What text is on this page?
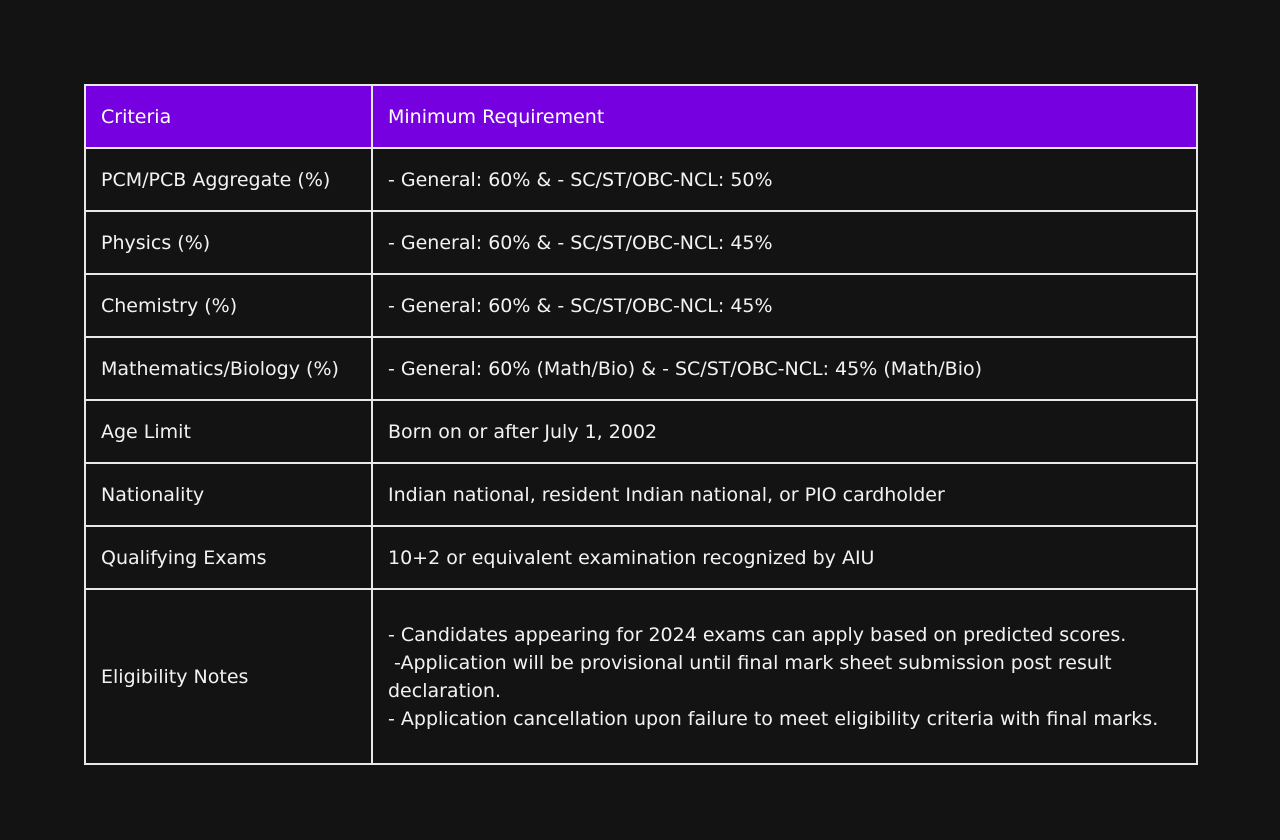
Criteria	Minimum Requirement
PCM/PCB Aggregate (%)	- General: 60% & - SC/ST/OBC-NCL: 50%
Physics (%)	- General: 60% & - SC/ST/OBC-NCL: 45%
Chemistry (%)	- General: 60% & - SC/ST/OBC-NCL: 45%
Mathematics/Biology (%)	- General: 60% (Math/Bio) & - SC/ST/OBC-NCL: 45% (Math/Bio)
Age Limit	Born on or after July 1, 2002
Nationality	Indian national, resident Indian national, or PIO cardholder
Qualifying Exams	10+2 or equivalent examination recognized by AIU
Eligibility Notes	- Candidates appearing for 2024 exams can apply based on predicted scores.
-Application will be provisional until final mark sheet submission post result declaration.
- Application cancellation upon failure to meet eligibility criteria with final marks.
